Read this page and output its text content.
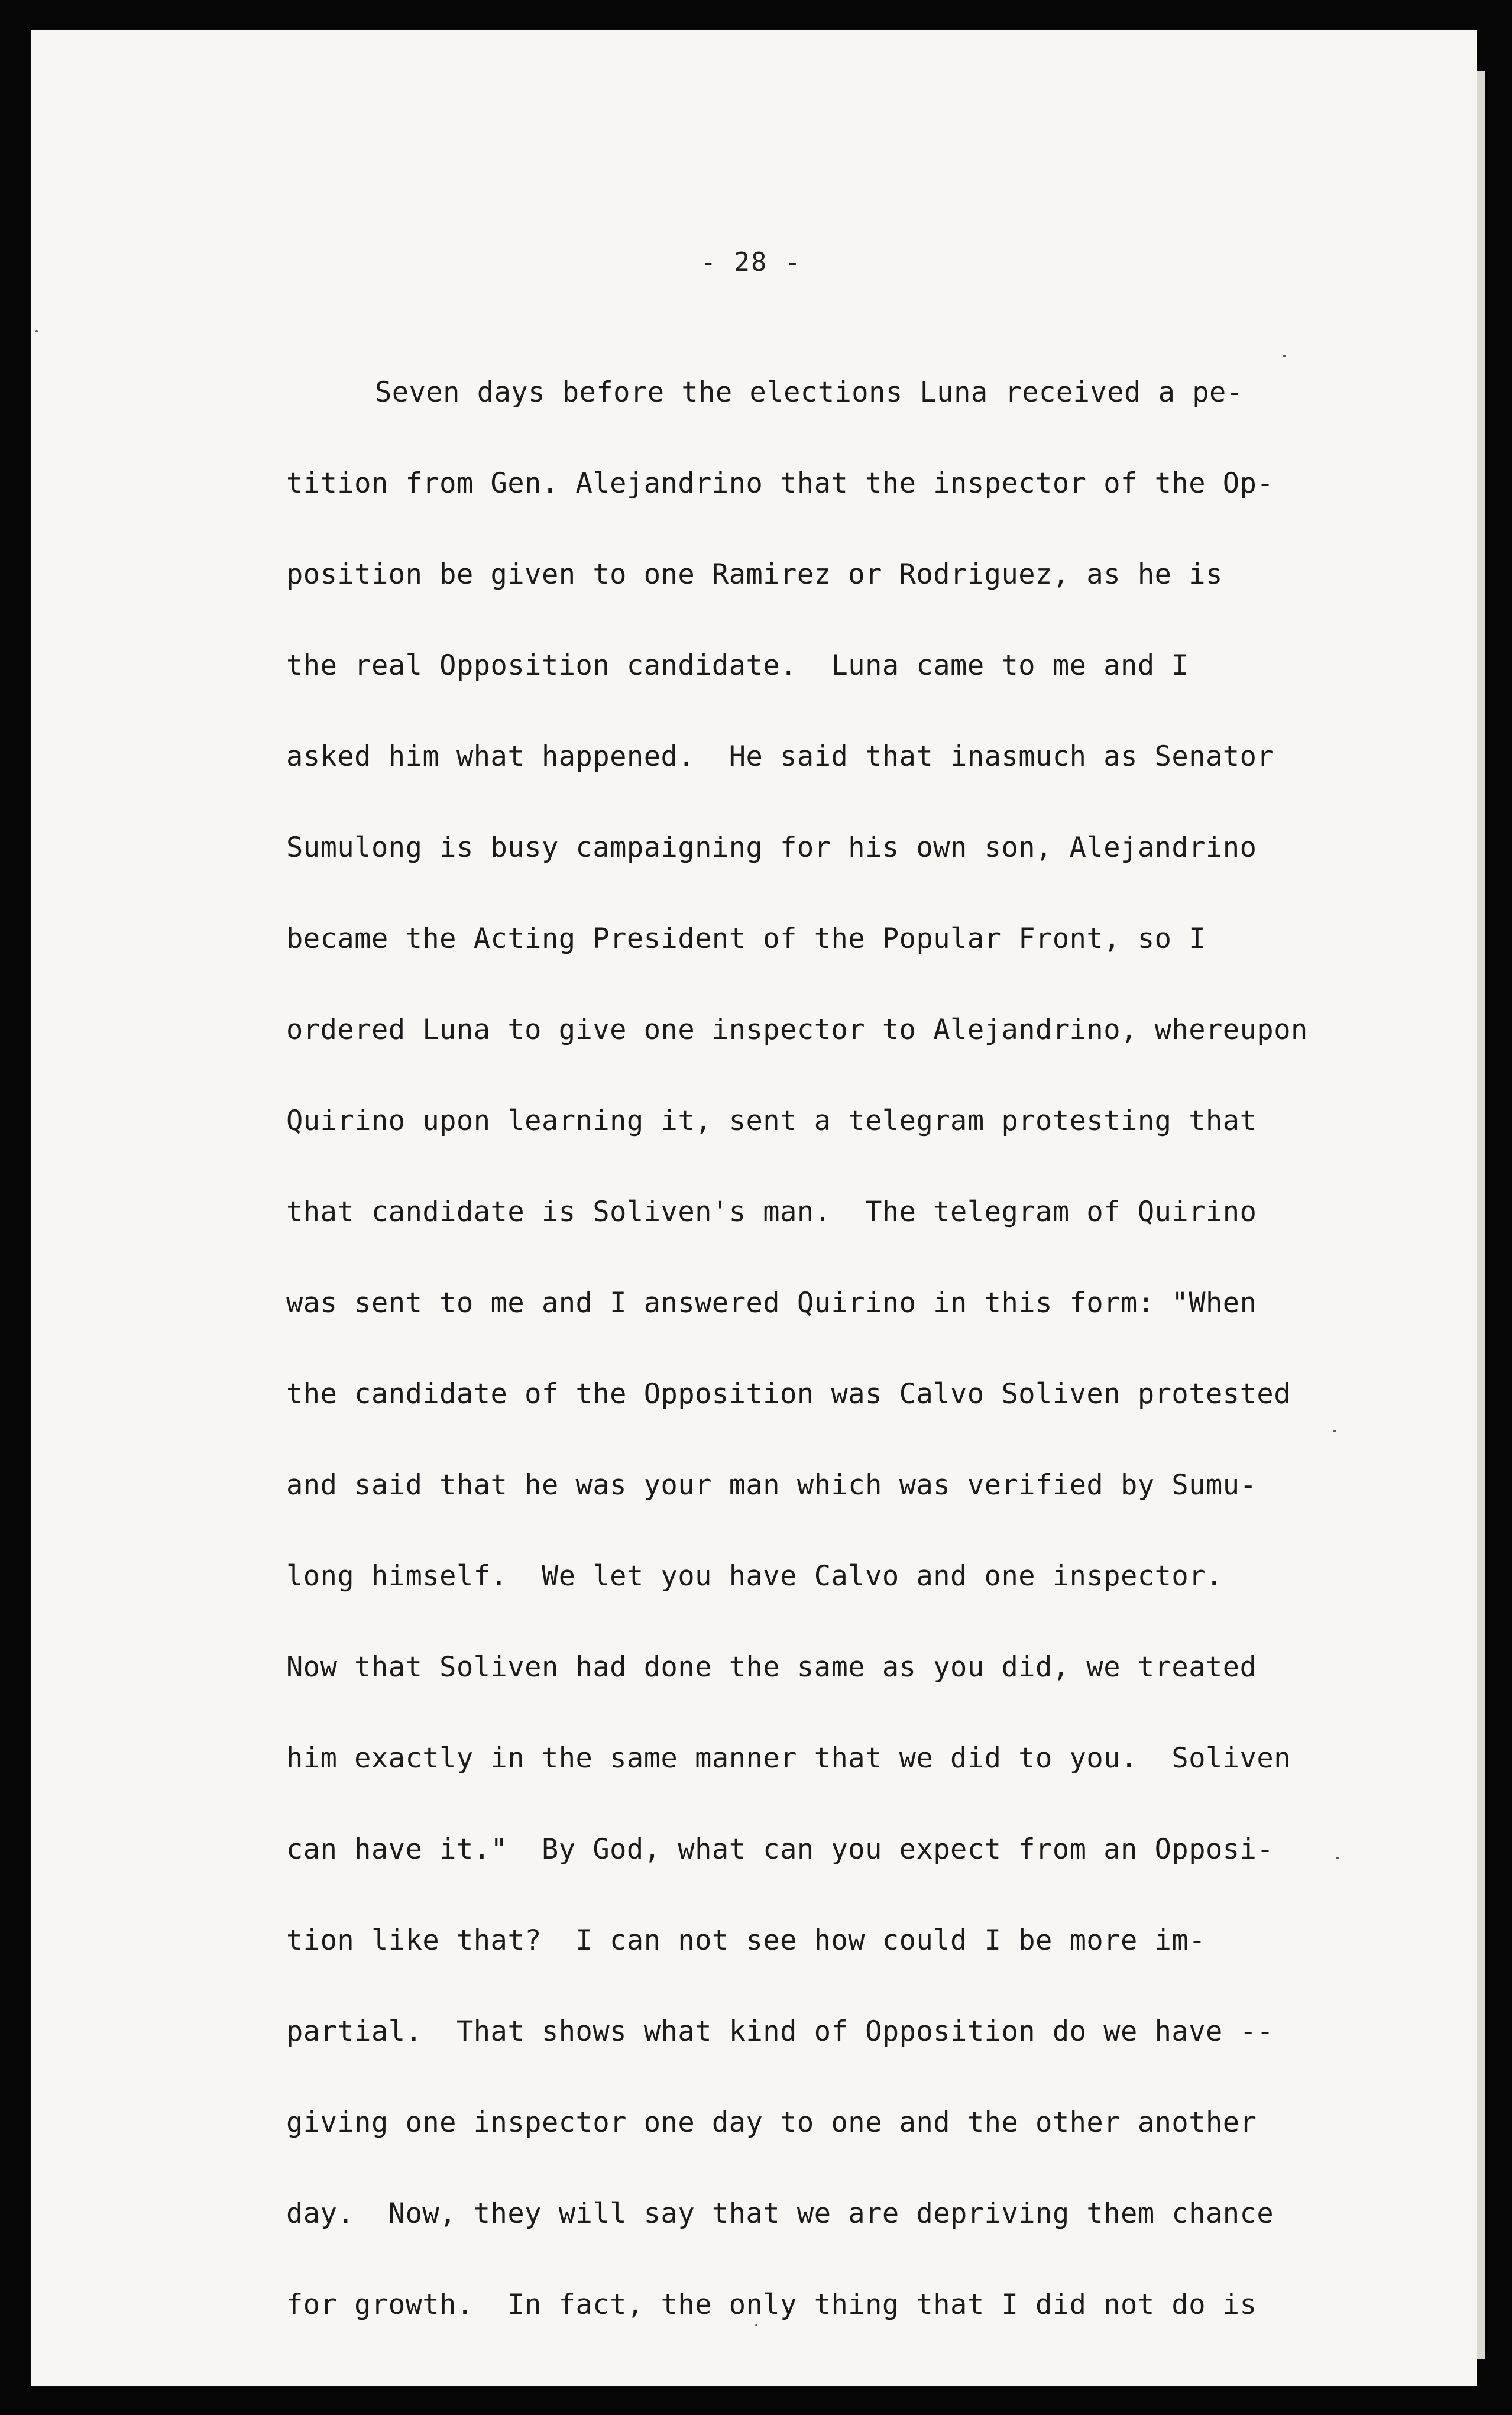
- 28 -
Seven days before the elections Luna received a pe-
tition from Gen. Alejandrino that the inspector of the Op-
position be given to one Ramirez or Rodriguez, as he is
the real Opposition candidate.  Luna came to me and I
asked him what happened.  He said that inasmuch as Senator
Sumulong is busy campaigning for his own son, Alejandrino
became the Acting President of the Popular Front, so I
ordered Luna to give one inspector to Alejandrino, whereupon
Quirino upon learning it, sent a telegram protesting that
that candidate is Soliven's man.  The telegram of Quirino
was sent to me and I answered Quirino in this form: "When
the candidate of the Opposition was Calvo Soliven protested
and said that he was your man which was verified by Sumu-
long himself.  We let you have Calvo and one inspector.
Now that Soliven had done the same as you did, we treated
him exactly in the same manner that we did to you.  Soliven
can have it."  By God, what can you expect from an Opposi-
tion like that?  I can not see how could I be more im-
partial.  That shows what kind of Opposition do we have --
giving one inspector one day to one and the other another
day.  Now, they will say that we are depriving them chance
for growth.  In fact, the only thing that I did not do is
